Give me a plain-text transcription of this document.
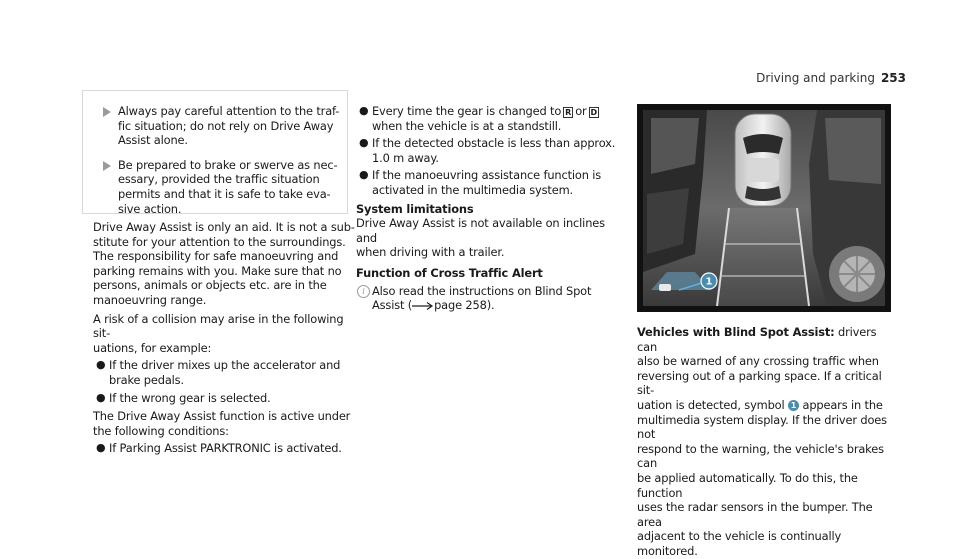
Driving and parking 253

Always pay careful attention to the traf-

fic situation; do not rely on Drive Away

Assist alone.

Be prepared to brake or swerve as nec-

essary, provided the traffic situation

permits and that it is safe to take eva-

sive action.

Drive Away Assist is only an aid. It is not a sub-

stitute for your attention to the surroundings.

The responsibility for safe manoeuvring and

parking remains with you. Make sure that no

persons, animals or objects etc. are in the

manoeuvring range.

A risk of a collision may arise in the following sit-

uations, for example:

● If the driver mixes up the accelerator and

brake pedals.

● If the wrong gear is selected.

The Drive Away Assist function is active under

the following conditions:

● If Parking Assist PARKTRONIC is activated.

● Every time the gear is changed to R or D

when the vehicle is at a standstill.

● If the detected obstacle is less than approx.

1.0 m away.

● If the manoeuvring assistance function is

activated in the multimedia system.

System limitations

Drive Away Assist is not available on inclines and

when driving with a trailer.

Function of Cross Traffic Alert

i Also read the instructions on Blind Spot

Assist ( page 258).

1

Vehicles with Blind Spot Assist: drivers can

also be warned of any crossing traffic when

reversing out of a parking space. If a critical sit-

uation is detected, symbol 1 appears in the

multimedia system display. If the driver does not

respond to the warning, the vehicle's brakes can

be applied automatically. To do this, the function

uses the radar sensors in the bumper. The area

adjacent to the vehicle is continually monitored.
